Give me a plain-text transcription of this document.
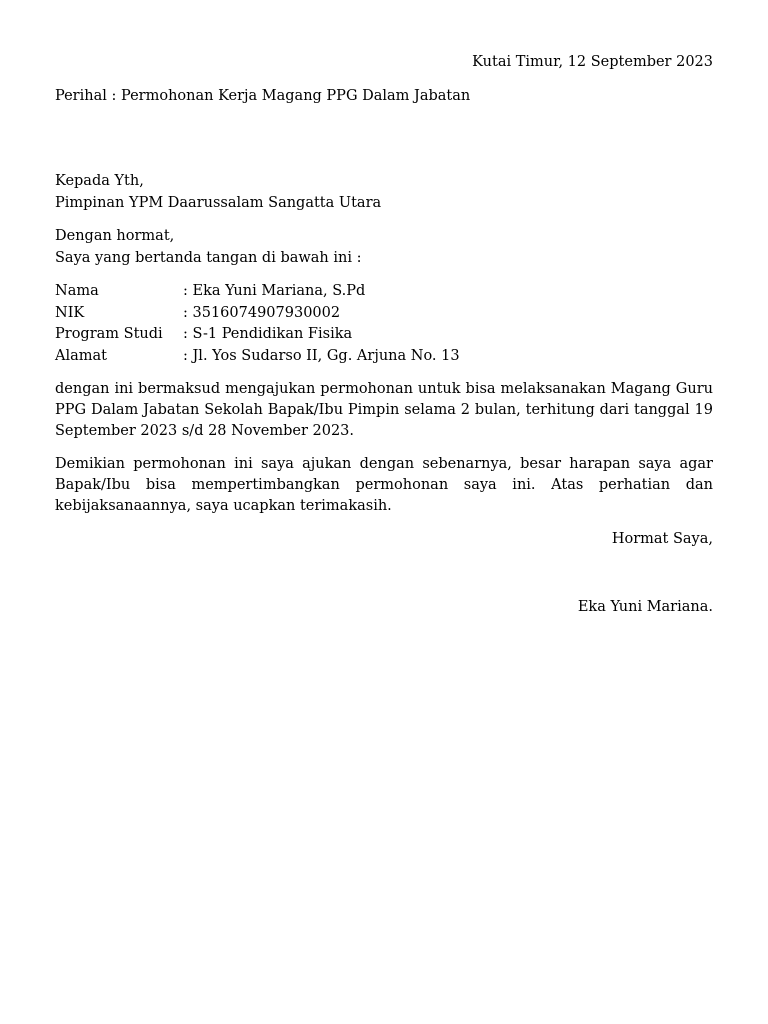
Kutai Timur, 12 September 2023
Perihal : Permohonan Kerja Magang PPG Dalam Jabatan
Kepada Yth,
Pimpinan YPM Daarussalam Sangatta Utara
Dengan hormat,
Saya yang bertanda tangan di bawah ini :
Nama	: Eka Yuni Mariana, S.Pd
NIK	: 3516074907930002
Program Studi	: S-1 Pendidikan Fisika
Alamat	: Jl. Yos Sudarso II, Gg. Arjuna No. 13
dengan ini bermaksud mengajukan permohonan untuk bisa melaksanakan Magang Guru PPG Dalam Jabatan Sekolah Bapak/Ibu Pimpin selama 2 bulan, terhitung dari tanggal 19 September 2023 s/d 28 November 2023.
Demikian permohonan ini saya ajukan dengan sebenarnya, besar harapan saya agar Bapak/Ibu bisa mempertimbangkan permohonan saya ini. Atas perhatian dan kebijaksanaannya, saya ucapkan terimakasih.
Hormat Saya,
Eka Yuni Mariana.
